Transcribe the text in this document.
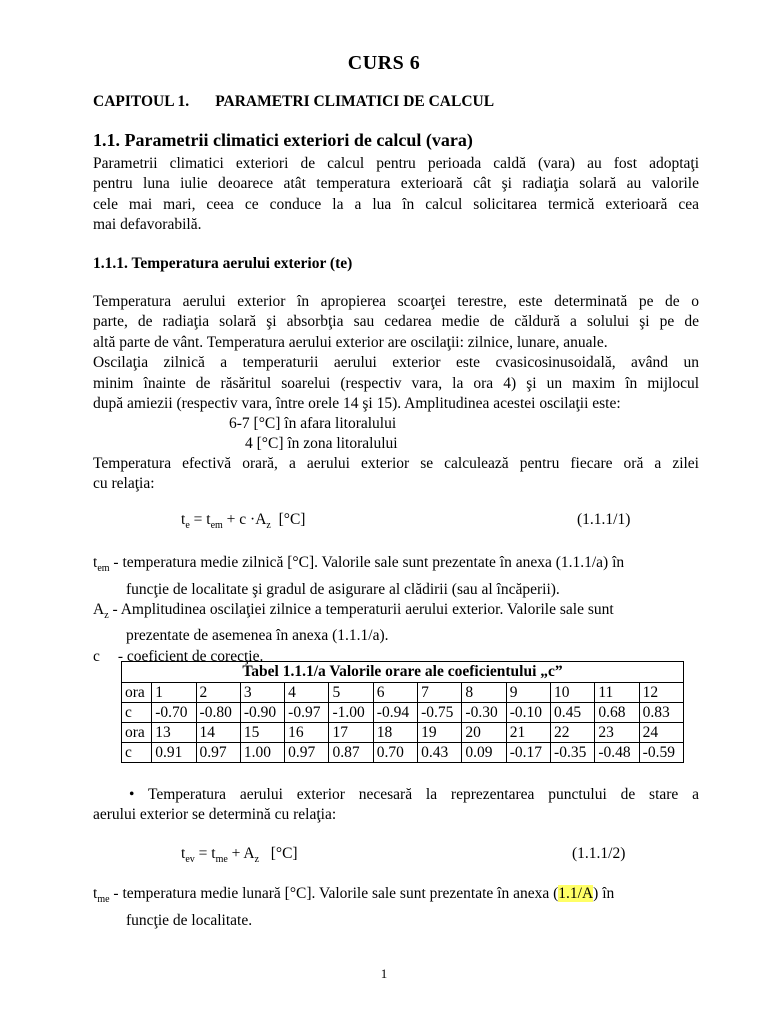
CURS 6
CAPITOUL 1. PARAMETRI CLIMATICI DE CALCUL
1.1. Parametrii climatici exteriori de calcul (vara)
Parametrii climatici exteriori de calcul pentru perioada caldă (vara) au fost adoptaţi
pentru luna iulie deoarece atât temperatura exterioară cât şi radiaţia solară au valorile
cele mai mari, ceea ce conduce la a lua în calcul solicitarea termică exterioară cea
mai defavorabilă.
1.1.1. Temperatura aerului exterior (te)
Temperatura aerului exterior în apropierea scoarţei terestre, este determinată pe de o
parte, de radiaţia solară şi absorbţia sau cedarea medie de căldură a solului şi pe de
altă parte de vânt. Temperatura aerului exterior are oscilaţii: zilnice, lunare, anuale.
Oscilaţia zilnică a temperaturii aerului exterior este cvasicosinusoidală, având un
minim înainte de răsăritul soarelui (respectiv vara, la ora 4) şi un maxim în mijlocul
după amiezii (respectiv vara, între orele 14 şi 15). Amplitudinea acestei oscilaţii este:
6-7 [°C] în afara litoralului
4 [°C] în zona litoralului
Temperatura efectivă orară, a aerului exterior se calculează pentru fiecare oră a zilei
cu relaţia:
$t_e = t_{em} + c \cdot A_z$  [°C]	(1.1.1/1)
$t_{em}$ - temperatura medie zilnică [°C]. Valorile sale sunt prezentate în anexa (1.1.1/a) în
funcţie de localitate şi gradul de asigurare al clădirii (sau al încăperii).
$A_z$ - Amplitudinea oscilaţiei zilnice a temperaturii aerului exterior. Valorile sale sunt
prezentate de asemenea în anexa (1.1.1/a).
c - coeficient de corecţie.
Tabel 1.1.1/a Valorile orare ale coeficientului „c”												
ora	1	2	3	4	5	6	7	8	9	10	11	12
c	-0.70	-0.80	-0.90	-0.97	-1.00	-0.94	-0.75	-0.30	-0.10	0.45	0.68	0.83
ora	13	14	15	16	17	18	19	20	21	22	23	24
c	0.91	0.97	1.00	0.97	0.87	0.70	0.43	0.09	-0.17	-0.35	-0.48	-0.59
• Temperatura aerului exterior necesară la reprezentarea punctului de stare a
aerului exterior se determină cu relaţia:
$t_{ev} = t_{me} + A_z$   [°C]	(1.1.1/2)
$t_{me}$ - temperatura medie lunară [°C]. Valorile sale sunt prezentate în anexa (1.1/A) în
funcţie de localitate.
1
